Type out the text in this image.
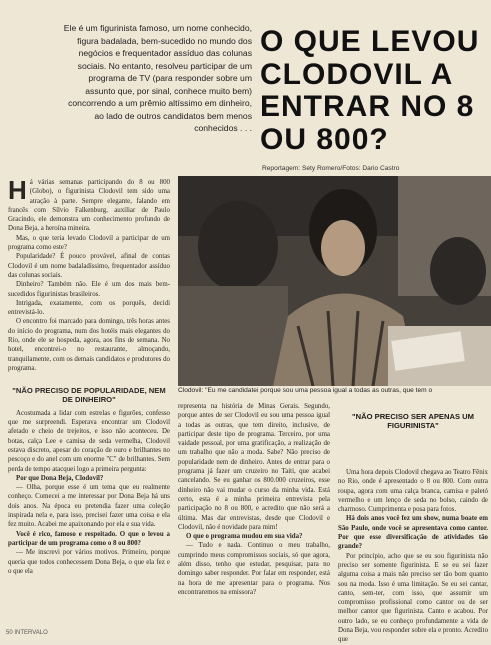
Ele é um figurinista famoso, um nome conhecido, figura badalada, bem-sucedido no mundo dos negócios e frequentador assíduo das colunas sociais. No entanto, resolveu participar de um programa de TV (para responder sobre um assunto que, por sinal, conhece muito bem) concorrendo a um prêmio altíssimo em dinheiro, ao lado de outros candidatos bem menos conhecidos . . .
O QUE LEVOU CLODOVIL A ENTRAR NO 8 OU 800?
Reportagem: Sety Romero/Fotos: Dario Castro
Clodovil: "Eu me candidatei porque sou uma pessoa igual a todas as outras, que tem o
H á várias semanas participando do 8 ou 800 (Globo), o figurinista Clodovil tem sido uma atração à parte. Sempre elegante, falando em francês com Sílvio Falkenburg, auxiliar de Paulo Gracindo, ele demonstra um conhecimento profundo de Dona Beja, a heroína mineira.

Mas, o que teria levado Clodovil a participar de um programa como este?

Popularidade? É pouco provável, afinal de contas Clodovil é um nome badaladíssimo, frequentador assíduo das colunas sociais.

Dinheiro? Também não. Ele é um dos mais bem-sucedidos figurinistas brasileiros.

Intrigada, exatamente, com os porquês, decidi entrevistá-lo.

O encontro foi marcado para domingo, três horas antes do início do programa, num dos hotéis mais elegantes do Rio, onde ele se hospeda, agora, aos fins de semana. No hotel, encontrei-o no restaurante, almoçando, tranquilamente, com os demais candidatos e produtores do programa.

"NÃO PRECISO DE POPULARIDADE, NEM DE DINHEIRO"

Acostumada a lidar com estrelas e figurões, confesso que me surpreendi. Esperava encontrar um Clodovil afetado e cheio de trejeitos, e isso não aconteceu. De botas, calça Lee e camisa de seda vermelha, Clodovil estava discreto, apesar do coração de ouro e brilhantes no pescoço e do anel com um enorme "C" de brilhantes. Sem perda de tempo atacquei logo a primeira pergunta:

Por que Dona Beja, Clodovil?

— Olha, porque esse é um tema que eu realmente conheço. Comecei a me interessar por Dona Beja há uns dois anos. Na época eu pretendia fazer uma coleção inspirada nela e, para isso, precisei fazer uma coisa e ela fez muito. Acabei me apaixonando por ela e sua vida.

Você é rico, famoso e respeitado. O que o levou a participar de um programa como o 8 ou 800?

— Me inscrevi por vários motivos. Primeiro, porque queria que todos conhecessem Dona Beja, o que ela fez e o que ela

representa na história de Minas Gerais. Segundo, porque antes de ser Clodovil eu sou uma pessoa igual a todas as outras, que tem direito, inclusive, de participar deste tipo de programa. Terceiro, por uma vaidade pessoal, por uma gratificação, a realização de um trabalho que não a moda. Sabe? Não preciso de popularidade nem de dinheiro. Antes de entrar para o programa já fazer um cruzeiro no Taiti, que acabei cancelando. Se eu ganhar os 800.000 cruzeiros, esse dinheiro não vai mudar o curso da minha vida. Está certo, esta é a minha primeira entrevista pela participação no 8 ou 800, e acredito que não será a última. Mas dar entrevistas, desde que Clodovil e Clodovil, não é novidade para mim!

O que o programa mudou em sua vida?

— Tudo e nada. Continuo o meu trabalho, cumprindo meus compromissos sociais, só que agora, além disso, tenho que estudar, pesquisar, para no domingo saber responder. Por falar em responder, está na hora de me apresentar para o programa. Nos encontraremos na emissora?

"NÃO PRECISO SER APENAS UM FIGURINISTA"

Uma hora depois Clodovil chegava ao Teatro Fênix no Rio, onde é apresentado o 8 ou 800. Com outra roupa, agora com uma calça branca, camisa e paletó vermelho e um lenço de seda no bolso, caindo de charmoso. Cumprimenta e posa para fotos.

Há dois anos você fez um show, numa boate em São Paulo, onde você se apresentava como cantor. Por que esse diversificação de atividades tão grande?

Por princípio, acho que se eu sou figurinista não preciso ser somente figurinista. E se eu sei fazer alguma coisa a mais não preciso ser tão bom quanto sou na moda. Isso é uma limitação. Se eu sei cantar, canto, sem-ter, com isso, que assumir um compromisso profissional como cantor ou de ser melhor cantor que figurinista. Canto e acabou. Por outro lado, se eu conheço profundamente a vida de Dona Beja, vou responder sobre ela e pronto. Acredito que

50 INTERVALO
